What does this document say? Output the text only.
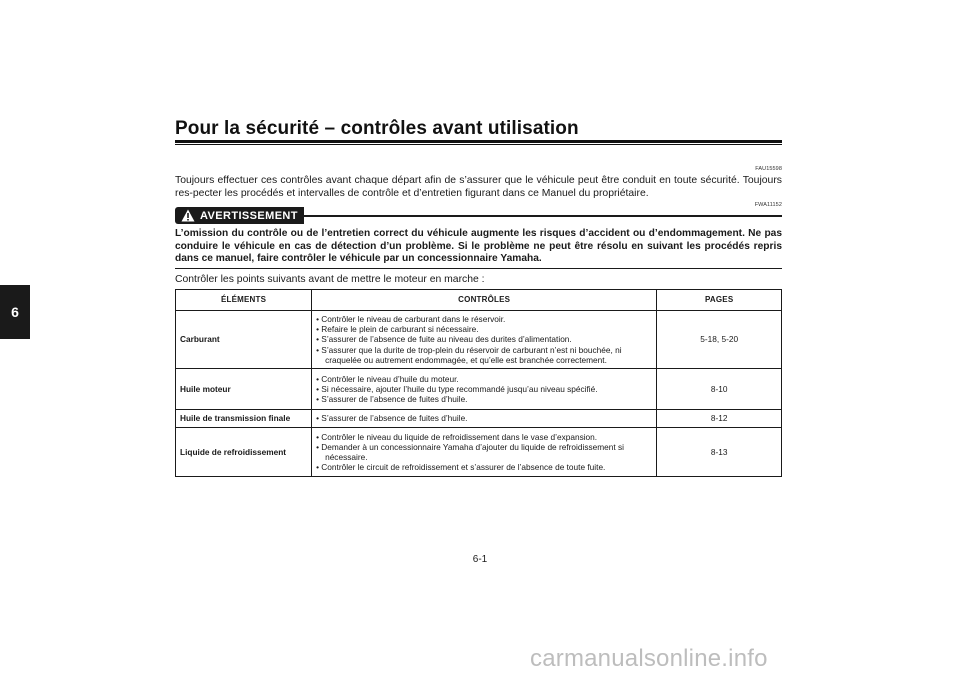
6
Pour la sécurité – contrôles avant utilisation
FAU15598
Toujours effectuer ces contrôles avant chaque départ afin de s’assurer que le véhicule peut être conduit en toute sécurité. Toujours res-pecter les procédés et intervalles de contrôle et d’entretien figurant dans ce Manuel du propriétaire.
AVERTISSEMENT
FWA11152
L’omission du contrôle ou de l’entretien correct du véhicule augmente les risques d’accident ou d’endommagement. Ne pas conduire le véhicule en cas de détection d’un problème. Si le problème ne peut être résolu en suivant les procédés repris dans ce manuel, faire contrôler le véhicule par un concessionnaire Yamaha.
Contrôler les points suivants avant de mettre le moteur en marche :
ÉLÉMENTS	CONTRÔLES	PAGES
Carburant	• Contrôler le niveau de carburant dans le réservoir.
• Refaire le plein de carburant si nécessaire.
• S’assurer de l’absence de fuite au niveau des durites d’alimentation.
• S’assurer que la durite de trop-plein du réservoir de carburant n’est ni bouchée, ni craquelée ou autrement endommagée, et qu’elle est branchée correctement.	5-18, 5-20
Huile moteur	• Contrôler le niveau d’huile du moteur.
• Si nécessaire, ajouter l’huile du type recommandé jusqu’au niveau spécifié.
• S’assurer de l’absence de fuites d’huile.	8-10
Huile de transmission finale	• S’assurer de l’absence de fuites d’huile.	8-12
Liquide de refroidissement	• Contrôler le niveau du liquide de refroidissement dans le vase d’expansion.
• Demander à un concessionnaire Yamaha d’ajouter du liquide de refroidissement si nécessaire.
• Contrôler le circuit de refroidissement et s’assurer de l’absence de toute fuite.	8-13
6-1
carmanualsonline.info
